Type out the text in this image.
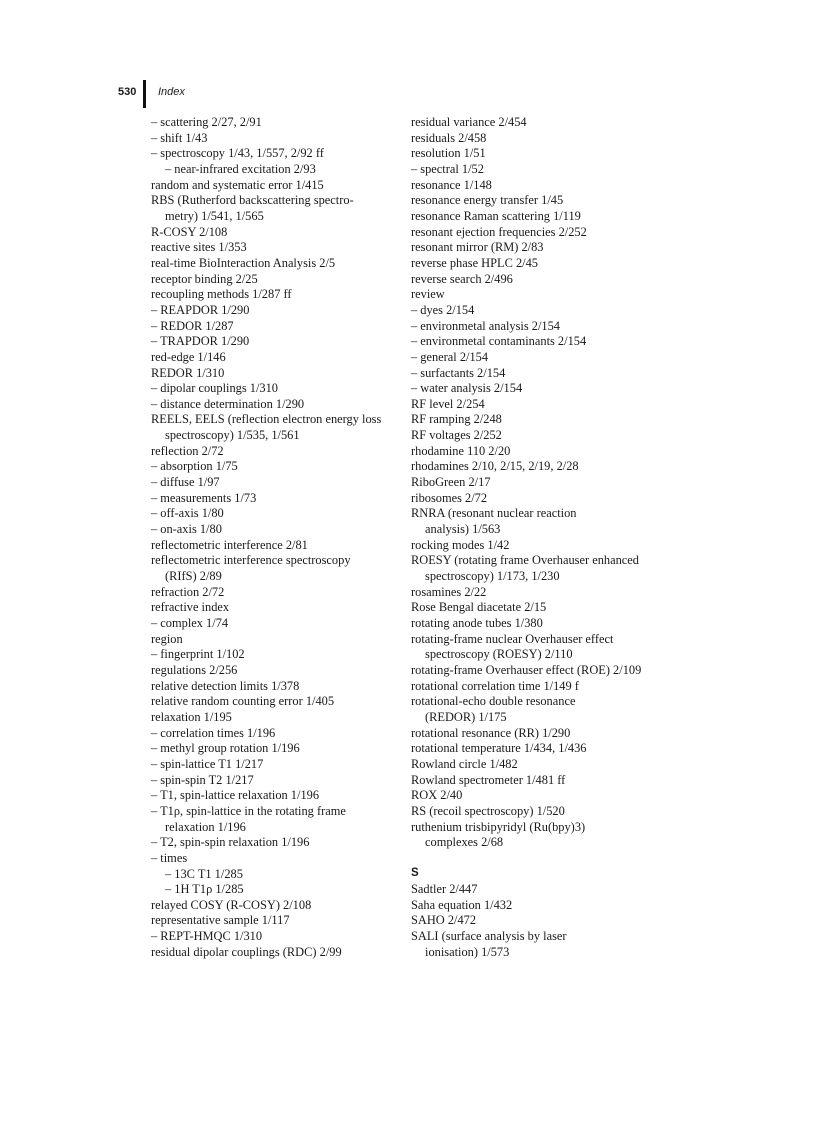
530 Index
– scattering 2/27, 2/91
– shift 1/43
– spectroscopy 1/43, 1/557, 2/92 ff
– near-infrared excitation 2/93
random and systematic error 1/415
RBS (Rutherford backscattering spectro-
metry) 1/541, 1/565
R-COSY 2/108
reactive sites 1/353
real-time BioInteraction Analysis 2/5
receptor binding 2/25
recoupling methods 1/287 ff
– REAPDOR 1/290
– REDOR 1/287
– TRAPDOR 1/290
red-edge 1/146
REDOR 1/310
– dipolar couplings 1/310
– distance determination 1/290
REELS, EELS (reflection electron energy loss
spectroscopy) 1/535, 1/561
reflection 2/72
– absorption 1/75
– diffuse 1/97
– measurements 1/73
– off-axis 1/80
– on-axis 1/80
reflectometric interference 2/81
reflectometric interference spectroscopy
(RIfS) 2/89
refraction 2/72
refractive index
– complex 1/74
region
– fingerprint 1/102
regulations 2/256
relative detection limits 1/378
relative random counting error 1/405
relaxation 1/195
– correlation times 1/196
– methyl group rotation 1/196
– spin-lattice T1 1/217
– spin-spin T2 1/217
– T1, spin-lattice relaxation 1/196
– T1ρ, spin-lattice in the rotating frame
relaxation 1/196
– T2, spin-spin relaxation 1/196
– times
– 13C T1 1/285
– 1H T1ρ 1/285
relayed COSY (R-COSY) 2/108
representative sample 1/117
– REPT-HMQC 1/310
residual dipolar couplings (RDC) 2/99
residual variance 2/454
residuals 2/458
resolution 1/51
– spectral 1/52
resonance 1/148
resonance energy transfer 1/45
resonance Raman scattering 1/119
resonant ejection frequencies 2/252
resonant mirror (RM) 2/83
reverse phase HPLC 2/45
reverse search 2/496
review
– dyes 2/154
– environmetal analysis 2/154
– environmetal contaminants 2/154
– general 2/154
– surfactants 2/154
– water analysis 2/154
RF level 2/254
RF ramping 2/248
RF voltages 2/252
rhodamine 110 2/20
rhodamines 2/10, 2/15, 2/19, 2/28
RiboGreen 2/17
ribosomes 2/72
RNRA (resonant nuclear reaction
analysis) 1/563
rocking modes 1/42
ROESY (rotating frame Overhauser enhanced
spectroscopy) 1/173, 1/230
rosamines 2/22
Rose Bengal diacetate 2/15
rotating anode tubes 1/380
rotating-frame nuclear Overhauser effect
spectroscopy (ROESY) 2/110
rotating-frame Overhauser effect (ROE) 2/109
rotational correlation time 1/149 f
rotational-echo double resonance
(REDOR) 1/175
rotational resonance (RR) 1/290
rotational temperature 1/434, 1/436
Rowland circle 1/482
Rowland spectrometer 1/481 ff
ROX 2/40
RS (recoil spectroscopy) 1/520
ruthenium trisbipyridyl (Ru(bpy)3)
complexes 2/68
S
Sadtler 2/447
Saha equation 1/432
SAHO 2/472
SALI (surface analysis by laser
ionisation) 1/573
